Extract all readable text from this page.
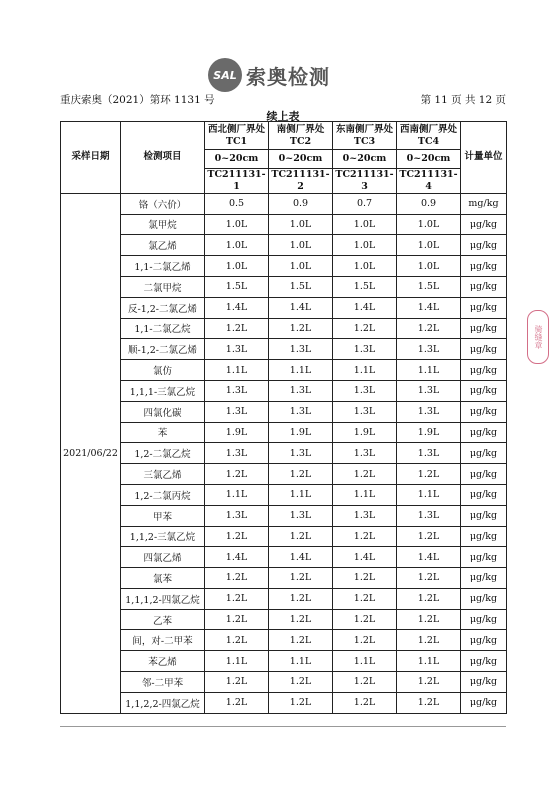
SAL 索奥检测
重庆索奥（2021）第环 1131 号	第 11 页 共 12 页
续上表
采样日期	检测项目	西北侧厂界处 TC1	南侧厂界处 TC2	东南侧厂界处 TC3	西南侧厂界处 TC4	计量单位
		0~20cm	0~20cm	0~20cm	0~20cm	
		TC211131-1	TC211131-2	TC211131-3	TC211131-4	
2021/06/22	铬（六价）	0.5	0.9	0.7	0.9	mg/kg
	氯甲烷	1.0L	1.0L	1.0L	1.0L	μg/kg
	氯乙烯	1.0L	1.0L	1.0L	1.0L	μg/kg
	1,1-二氯乙烯	1.0L	1.0L	1.0L	1.0L	μg/kg
	二氯甲烷	1.5L	1.5L	1.5L	1.5L	μg/kg
	反-1,2-二氯乙烯	1.4L	1.4L	1.4L	1.4L	μg/kg
	1,1-二氯乙烷	1.2L	1.2L	1.2L	1.2L	μg/kg
	顺-1,2-二氯乙烯	1.3L	1.3L	1.3L	1.3L	μg/kg
	氯仿	1.1L	1.1L	1.1L	1.1L	μg/kg
	1,1,1-三氯乙烷	1.3L	1.3L	1.3L	1.3L	μg/kg
	四氯化碳	1.3L	1.3L	1.3L	1.3L	μg/kg
	苯	1.9L	1.9L	1.9L	1.9L	μg/kg
	1,2-二氯乙烷	1.3L	1.3L	1.3L	1.3L	μg/kg
	三氯乙烯	1.2L	1.2L	1.2L	1.2L	μg/kg
	1,2-二氯丙烷	1.1L	1.1L	1.1L	1.1L	μg/kg
	甲苯	1.3L	1.3L	1.3L	1.3L	μg/kg
	1,1,2-三氯乙烷	1.2L	1.2L	1.2L	1.2L	μg/kg
	四氯乙烯	1.4L	1.4L	1.4L	1.4L	μg/kg
	氯苯	1.2L	1.2L	1.2L	1.2L	μg/kg
	1,1,1,2-四氯乙烷	1.2L	1.2L	1.2L	1.2L	μg/kg
	乙苯	1.2L	1.2L	1.2L	1.2L	μg/kg
	间，对-二甲苯	1.2L	1.2L	1.2L	1.2L	μg/kg
	苯乙烯	1.1L	1.1L	1.1L	1.1L	μg/kg
	邻-二甲苯	1.2L	1.2L	1.2L	1.2L	μg/kg
	1,1,2,2-四氯乙烷	1.2L	1.2L	1.2L	1.2L	μg/kg
骑缝章
